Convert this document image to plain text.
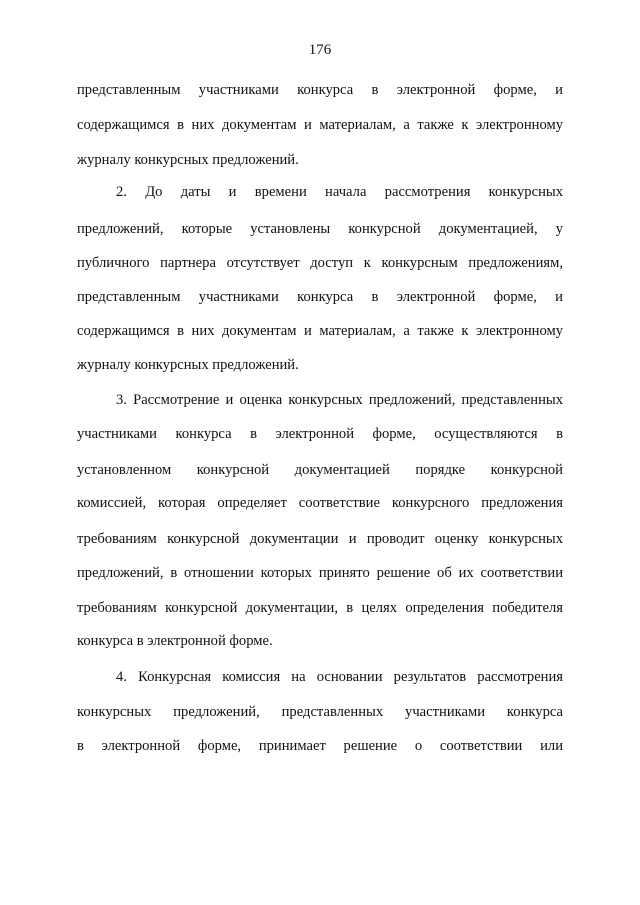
176
представленным участниками конкурса в электронной форме, и
содержащимся в них документам и материалам, а также к электронному
журналу конкурсных предложений.
2. До даты и времени начала рассмотрения конкурсных
предложений, которые установлены конкурсной документацией, у
публичного партнера отсутствует доступ к конкурсным предложениям,
представленным участниками конкурса в электронной форме, и
содержащимся в них документам и материалам, а также к электронному
журналу конкурсных предложений.
3. Рассмотрение и оценка конкурсных предложений, представленных
участниками конкурса в электронной форме, осуществляются в
установленном конкурсной документацией порядке конкурсной
комиссией, которая определяет соответствие конкурсного предложения
требованиям конкурсной документации и проводит оценку конкурсных
предложений, в отношении которых принято решение об их соответствии
требованиям конкурсной документации, в целях определения победителя
конкурса в электронной форме.
4. Конкурсная комиссия на основании результатов рассмотрения
конкурсных предложений, представленных участниками конкурса
в электронной форме, принимает решение о соответствии или
